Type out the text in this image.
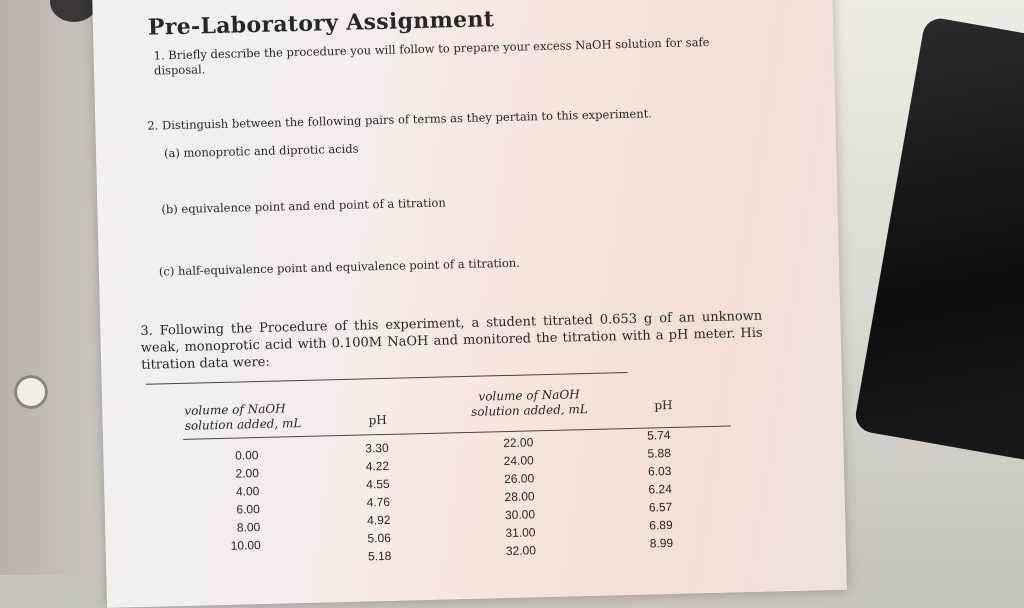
Pre-Laboratory Assignment
1. Briefly describe the procedure you will follow to prepare your excess NaOH solution for safe disposal.
2. Distinguish between the following pairs of terms as they pertain to this experiment.
(a) monoprotic and diprotic acids
(b) equivalence point and end point of a titration
(c) half-equivalence point and equivalence point of a titration.
3. Following the Procedure of this experiment, a student titrated 0.653 g of an unknown weak, monoprotic acid with 0.100M NaOH and monitored the titration with a pH meter. His titration data were:
volume of NaOH solution added, mL	pH
volume of NaOH solution added, mL	pH
0.00
2.00
4.00
6.00
8.00
10.00
3.30
4.22
4.55
4.76
4.92
5.06
5.18
22.00
24.00
26.00
28.00
30.00
31.00
32.00
5.74
5.88
6.03
6.24
6.57
6.89
8.99
